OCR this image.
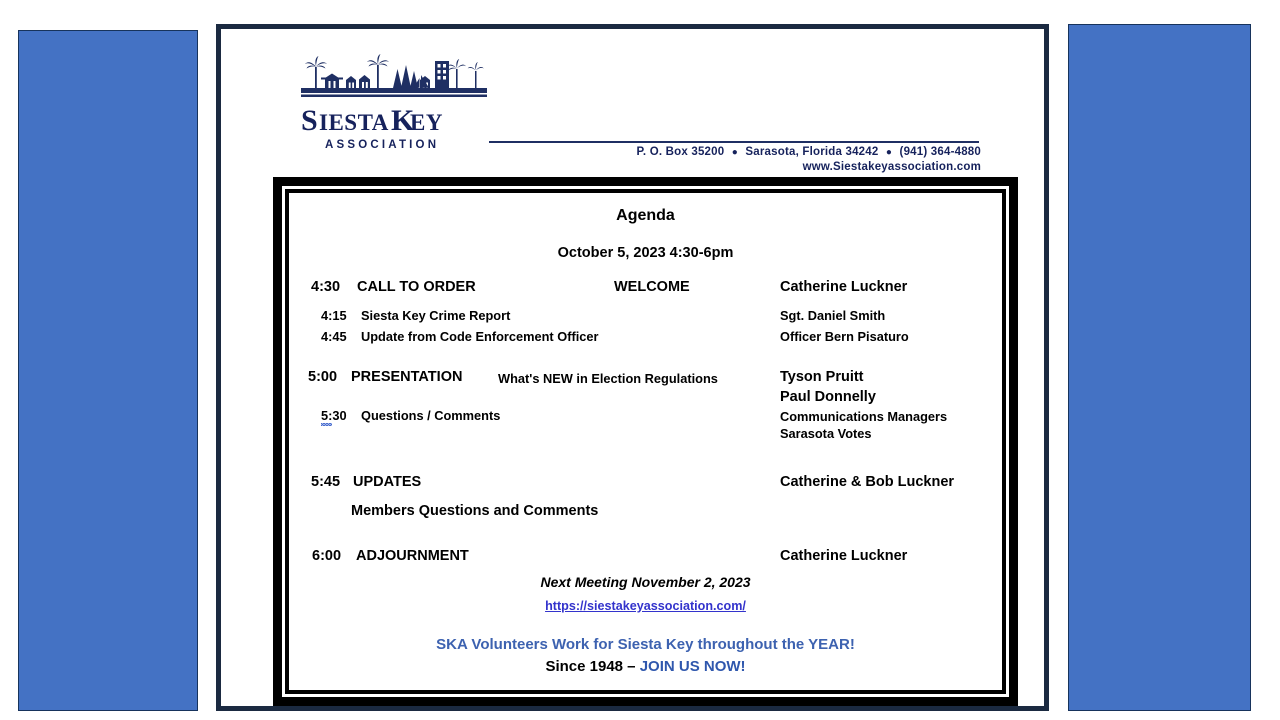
S IESTA K
EY
ASSOCIATION
P. O. Box 35200 ● Sarasota, Florida 34242 ● (941) 364-4880
www.Siestakeyassociation.com
Agenda
October 5, 2023 4:30-6pm
4:30 CALL TO ORDER	WELCOME	Catherine Luckner
4:15 Siesta Key Crime Report	Sgt. Daniel Smith
4:45 Update from Code Enforcement Officer	Officer Bern Pisaturo
5:00 PRESENTATION	What's NEW in Election Regulations	Tyson Pruitt
Paul Donnelly
5:30 Questions / Comments	Communications Managers
Sarasota Votes
5:45 UPDATES	Catherine & Bob Luckner
Members Questions and Comments
6:00 ADJOURNMENT	Catherine Luckner
Next Meeting November 2, 2023
https://siestakeyassociation.com/
SKA Volunteers Work for Siesta Key throughout the YEAR!
Since 1948 – JOIN US NOW!
